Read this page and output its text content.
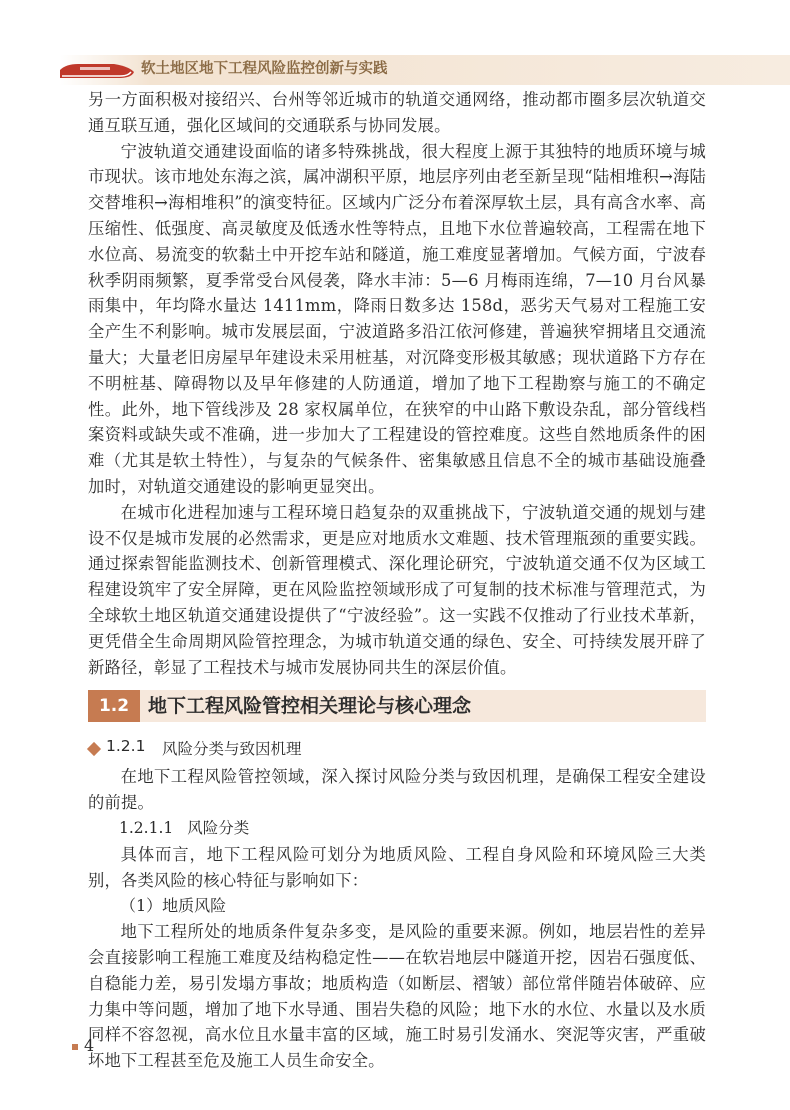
软土地区地下工程风险监控创新与实践

另一方面积极对接绍兴、台州等邻近城市的轨道交通网络，推动都市圈多层次轨道交通互联互通，强化区域间的交通联系与协同发展。

宁波轨道交通建设面临的诸多特殊挑战，很大程度上源于其独特的地质环境与城市现状。该市地处东海之滨，属冲湖积平原，地层序列由老至新呈现“陆相堆积→海陆交替堆积→海相堆积”的演变特征。区域内广泛分布着深厚软土层，具有高含水率、高压缩性、低强度、高灵敏度及低透水性等特点，且地下水位普遍较高，工程需在地下水位高、易流变的软黏土中开挖车站和隧道，施工难度显著增加。气候方面，宁波春秋季阴雨频繁，夏季常受台风侵袭，降水丰沛：5—6 月梅雨连绵，7—10 月台风暴雨集中，年均降水量达 1411mm，降雨日数多达 158d，恶劣天气易对工程施工安全产生不利影响。城市发展层面，宁波道路多沿江依河修建，普遍狭窄拥堵且交通流量大；大量老旧房屋早年建设未采用桩基，对沉降变形极其敏感；现状道路下方存在不明桩基、障碍物以及早年修建的人防通道，增加了地下工程勘察与施工的不确定性。此外，地下管线涉及 28 家权属单位，在狭窄的中山路下敷设杂乱，部分管线档案资料或缺失或不准确，进一步加大了工程建设的管控难度。这些自然地质条件的困难（尤其是软土特性），与复杂的气候条件、密集敏感且信息不全的城市基础设施叠加时，对轨道交通建设的影响更显突出。

在城市化进程加速与工程环境日趋复杂的双重挑战下，宁波轨道交通的规划与建设不仅是城市发展的必然需求，更是应对地质水文难题、技术管理瓶颈的重要实践。通过探索智能监测技术、创新管理模式、深化理论研究，宁波轨道交通不仅为区域工程建设筑牢了安全屏障，更在风险监控领域形成了可复制的技术标准与管理范式，为全球软土地区轨道交通建设提供了“宁波经验”。这一实践不仅推动了行业技术革新，更凭借全生命周期风险管控理念，为城市轨道交通的绿色、安全、可持续发展开辟了新路径，彰显了工程技术与城市发展协同共生的深层价值。

1.2 地下工程风险管控相关理论与核心理念
1.2.1 风险分类与致因机理

在地下工程风险管控领域，深入探讨风险分类与致因机理，是确保工程安全建设的前提。

1.2.1.1 风险分类

具体而言，地下工程风险可划分为地质风险、工程自身风险和环境风险三大类别，各类风险的核心特征与影响如下：

（1）地质风险

地下工程所处的地质条件复杂多变，是风险的重要来源。例如，地层岩性的差异会直接影响工程施工难度及结构稳定性——在软岩地层中隧道开挖，因岩石强度低、自稳能力差，易引发塌方事故；地质构造（如断层、褶皱）部位常伴随岩体破碎、应力集中等问题，增加了地下水导通、围岩失稳的风险；地下水的水位、水量以及水质同样不容忽视，高水位且水量丰富的区域，施工时易引发涌水、突泥等灾害，严重破坏地下工程甚至危及施工人员生命安全。

4
